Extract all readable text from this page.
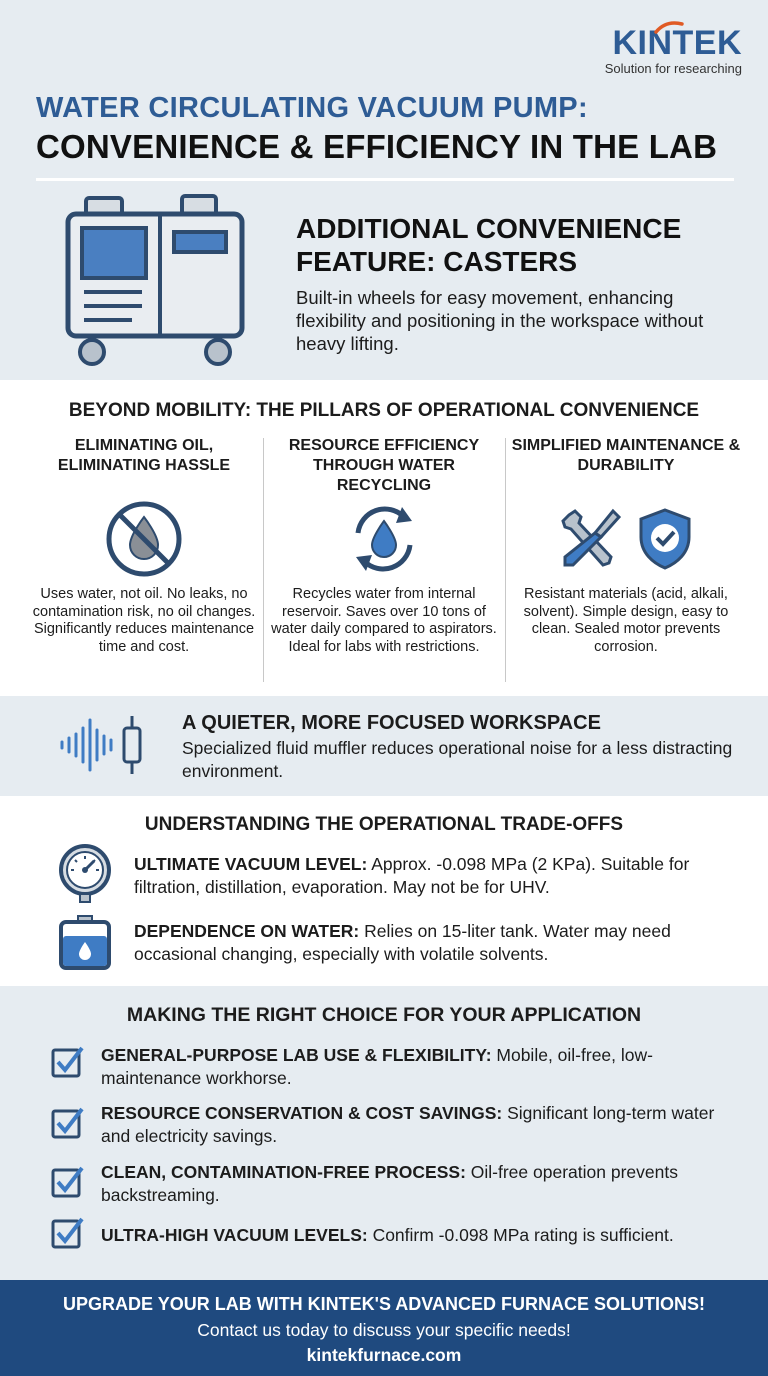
KINTEK
Solution for researching
WATER CIRCULATING VACUUM PUMP:
CONVENIENCE & EFFICIENCY IN THE LAB
ADDITIONAL CONVENIENCE FEATURE: CASTERS
Built-in wheels for easy movement, enhancing flexibility and positioning in the workspace without heavy lifting.
BEYOND MOBILITY: THE PILLARS OF OPERATIONAL CONVENIENCE
ELIMINATING OIL, ELIMINATING HASSLE
Uses water, not oil. No leaks, no contamination risk, no oil changes. Significantly reduces maintenance time and cost.
RESOURCE EFFICIENCY THROUGH WATER RECYCLING
Recycles water from internal reservoir. Saves over 10 tons of water daily compared to aspirators. Ideal for labs with restrictions.
SIMPLIFIED MAINTENANCE & DURABILITY
Resistant materials (acid, alkali, solvent). Simple design, easy to clean. Sealed motor prevents corrosion.
A QUIETER, MORE FOCUSED WORKSPACE
Specialized fluid muffler reduces operational noise for a less distracting environment.
UNDERSTANDING THE OPERATIONAL TRADE-OFFS
ULTIMATE VACUUM LEVEL: Approx. -0.098 MPa (2 KPa). Suitable for filtration, distillation, evaporation. May not be for UHV.
DEPENDENCE ON WATER: Relies on 15-liter tank. Water may need occasional changing, especially with volatile solvents.
MAKING THE RIGHT CHOICE FOR YOUR APPLICATION
GENERAL-PURPOSE LAB USE & FLEXIBILITY: Mobile, oil-free, low-maintenance workhorse.
RESOURCE CONSERVATION & COST SAVINGS: Significant long-term water and electricity savings.
CLEAN, CONTAMINATION-FREE PROCESS: Oil-free operation prevents backstreaming.
ULTRA-HIGH VACUUM LEVELS: Confirm -0.098 MPa rating is sufficient.
UPGRADE YOUR LAB WITH KINTEK'S ADVANCED FURNACE SOLUTIONS!
Contact us today to discuss your specific needs!
kintekfurnace.com
